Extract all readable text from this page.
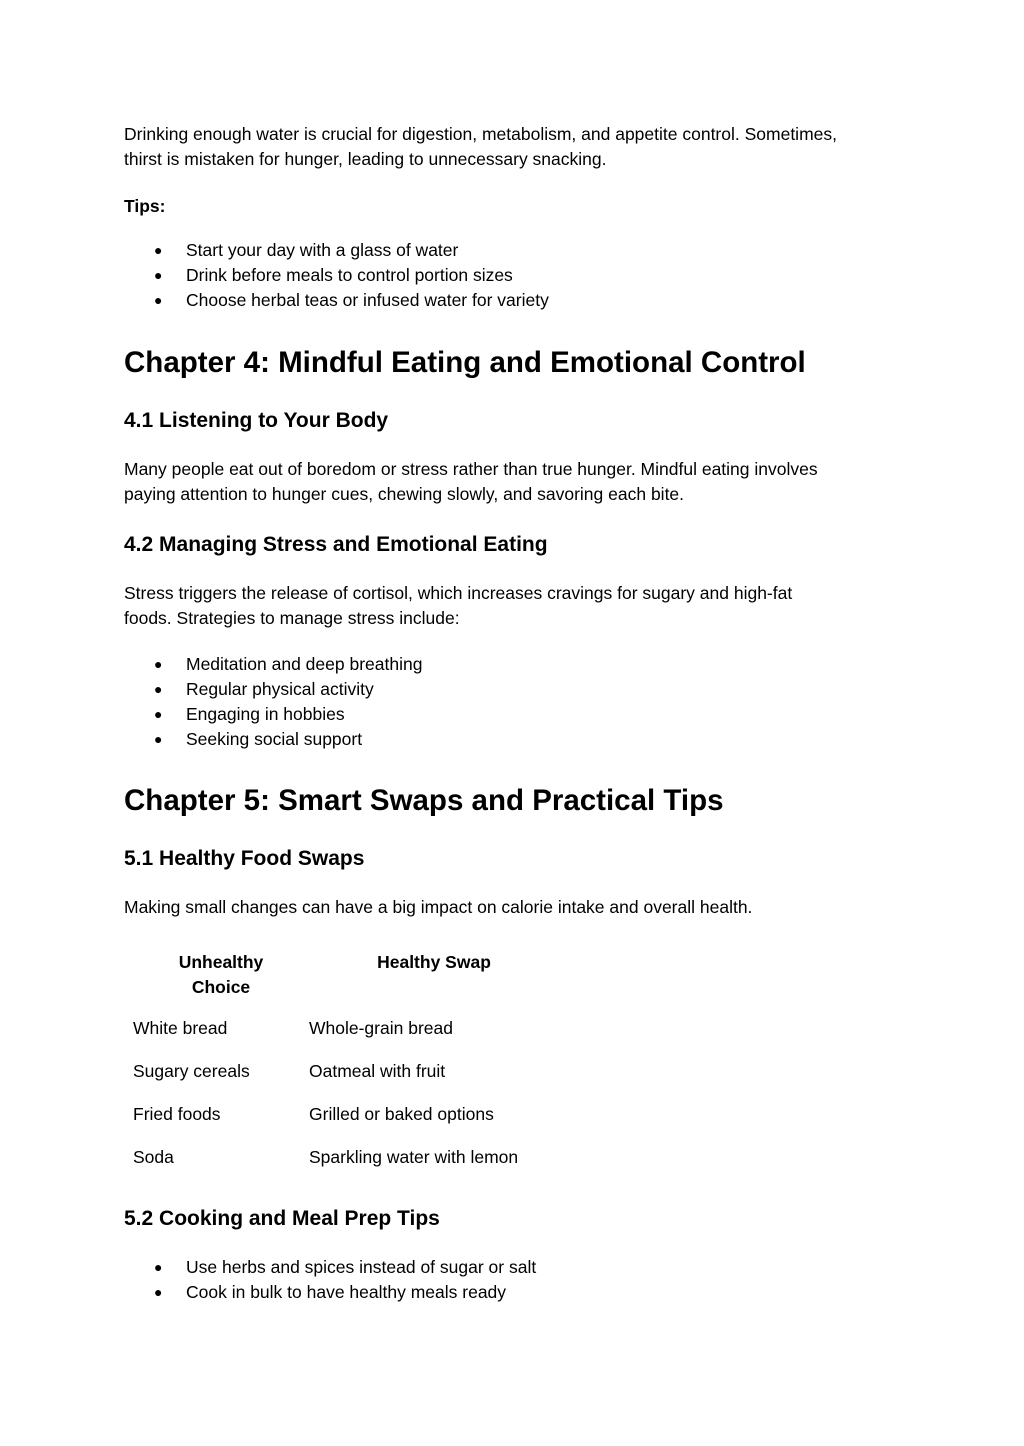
Drinking enough water is crucial for digestion, metabolism, and appetite control. Sometimes,

thirst is mistaken for hunger, leading to unnecessary snacking.

Tips:

● Start your day with a glass of water
● Drink before meals to control portion sizes
● Choose herbal teas or infused water for variety
Chapter 4: Mindful Eating and Emotional Control
4.1 Listening to Your Body

Many people eat out of boredom or stress rather than true hunger. Mindful eating involves

paying attention to hunger cues, chewing slowly, and savoring each bite.

4.2 Managing Stress and Emotional Eating

Stress triggers the release of cortisol, which increases cravings for sugary and high-fat

foods. Strategies to manage stress include:

● Meditation and deep breathing
● Regular physical activity
● Engaging in hobbies
● Seeking social support
Chapter 5: Smart Swaps and Practical Tips
5.1 Healthy Food Swaps

Making small changes can have a big impact on calorie intake and overall health.

Unhealthy
Choice	Healthy Swap
White bread	Whole-grain bread
Sugary cereals	Oatmeal with fruit
Fried foods	Grilled or baked options
Soda	Sparkling water with lemon
5.2 Cooking and Meal Prep Tips
● Use herbs and spices instead of sugar or salt
● Cook in bulk to have healthy meals ready
